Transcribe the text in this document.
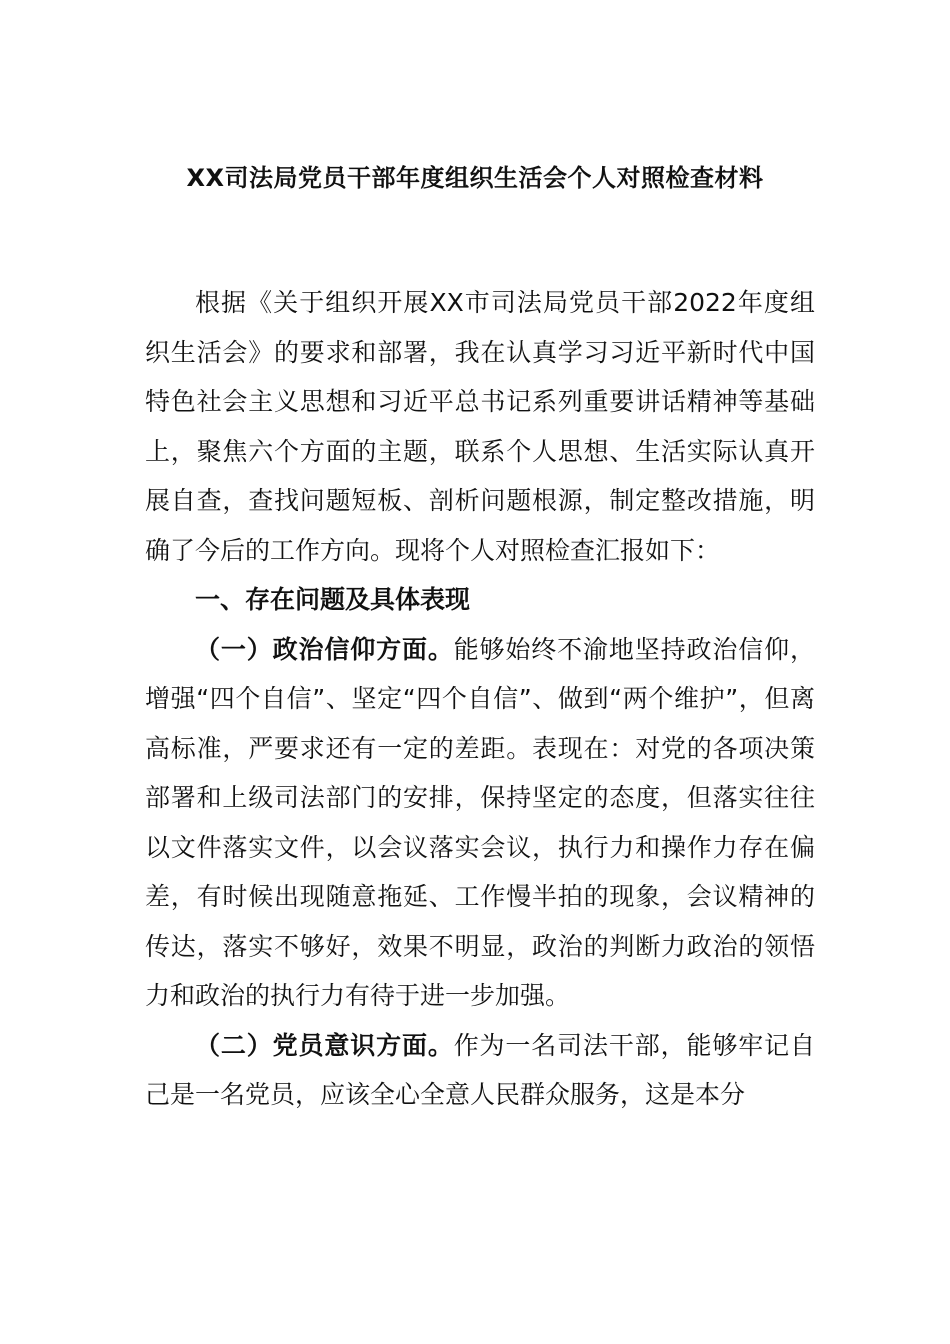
XX司法局党员干部年度组织生活会个人对照检查材料

根据《关于组织开展XX市司法局党员干部2022年度组织生活会》的要求和部署，我在认真学习习近平新时代中国特色社会主义思想和习近平总书记系列重要讲话精神等基础上，聚焦六个方面的主题，联系个人思想、生活实际认真开展自查，查找问题短板、剖析问题根源，制定整改措施，明确了今后的工作方向。现将个人对照检查汇报如下：

一、存在问题及具体表现

（一）政治信仰方面。能够始终不渝地坚持政治信仰，增强“四个自信”、坚定“四个自信”、做到“两个维护”，但离高标准，严要求还有一定的差距。表现在：对党的各项决策部署和上级司法部门的安排，保持坚定的态度，但落实往往以文件落实文件，以会议落实会议，执行力和操作力存在偏差，有时候出现随意拖延、工作慢半拍的现象，会议精神的传达，落实不够好，效果不明显，政治的判断力政治的领悟力和政治的执行力有待于进一步加强。

（二）党员意识方面。作为一名司法干部，能够牢记自己是一名党员，应该全心全意人民群众服务，这是本分
